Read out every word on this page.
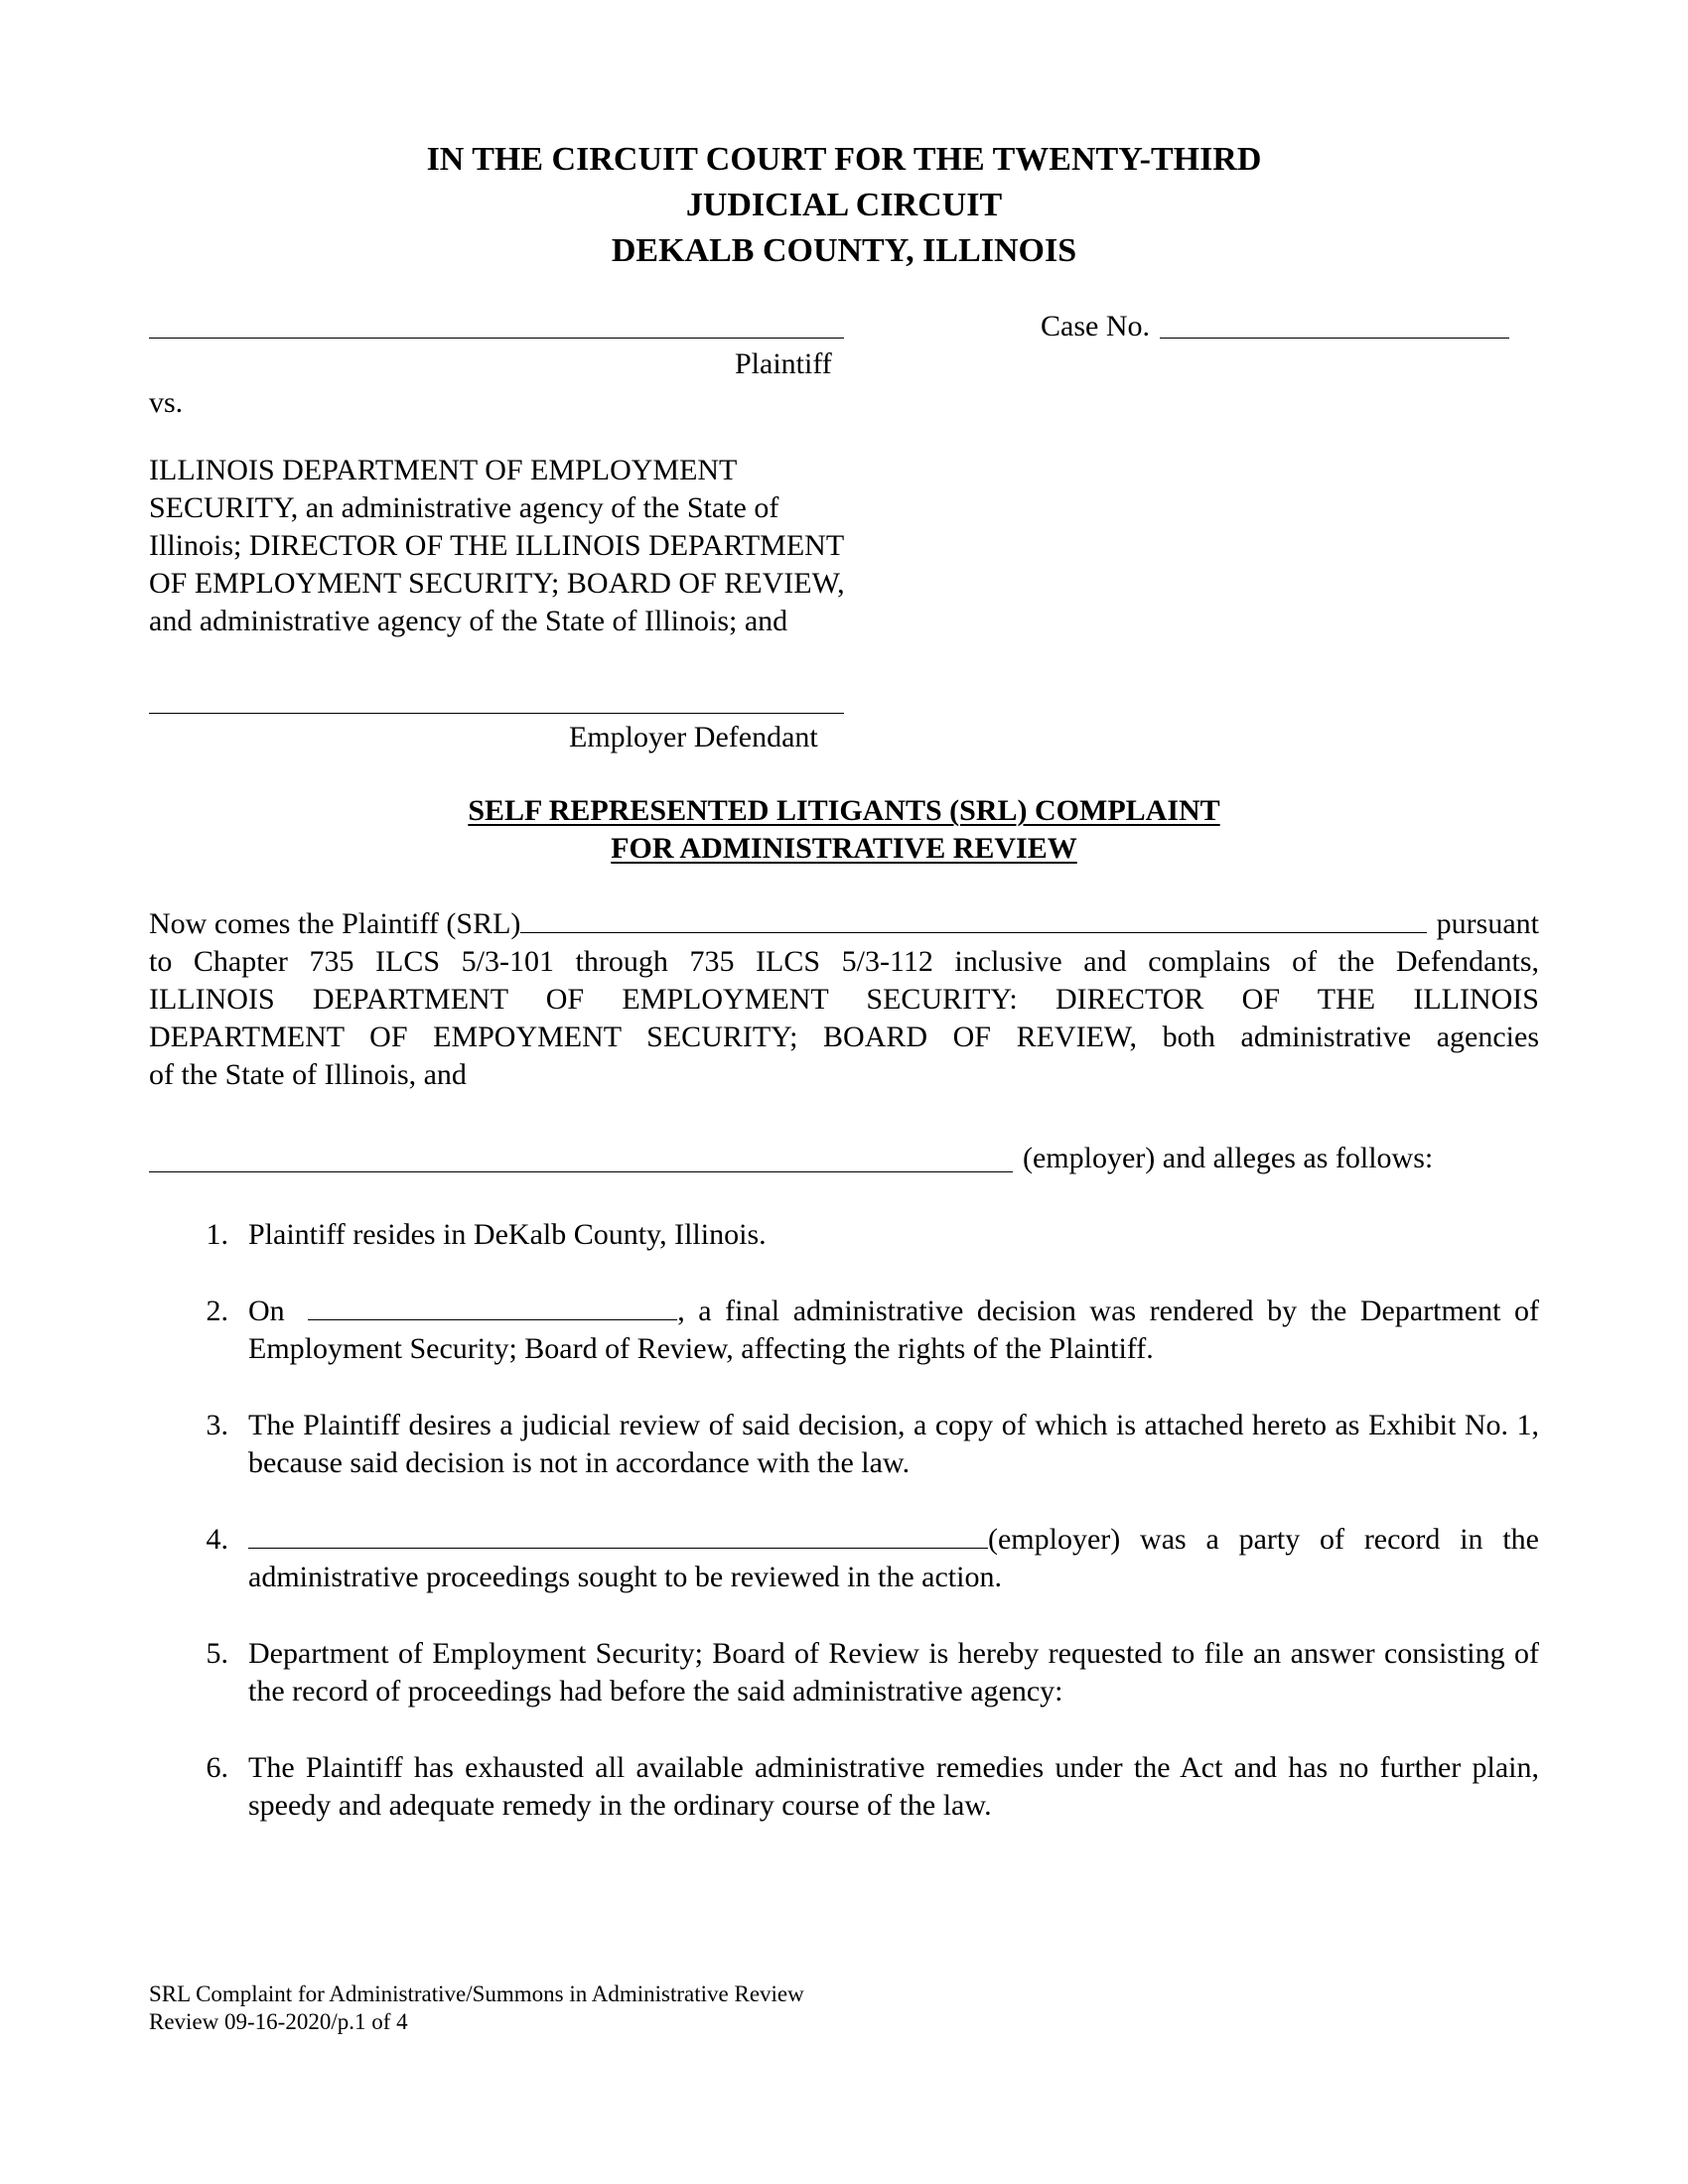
IN THE CIRCUIT COURT FOR THE TWENTY-THIRD
JUDICIAL CIRCUIT
DEKALB COUNTY, ILLINOIS
Case No.
Plaintiff
vs.
ILLINOIS DEPARTMENT OF EMPLOYMENT
SECURITY, an administrative agency of the State of
Illinois; DIRECTOR OF THE ILLINOIS DEPARTMENT
OF EMPLOYMENT SECURITY; BOARD OF REVIEW,
and administrative agency of the State of Illinois; and
Employer Defendant
SELF REPRESENTED LITIGANTS (SRL) COMPLAINT
FOR ADMINISTRATIVE REVIEW
Now comes the Plaintiff (SRL)	pursuant
to Chapter 735 ILCS 5/3-101 through 735 ILCS 5/3-112 inclusive and complains of the Defendants,
ILLINOIS DEPARTMENT OF EMPLOYMENT SECURITY: DIRECTOR OF THE ILLINOIS
DEPARTMENT OF EMPOYMENT SECURITY; BOARD OF REVIEW, both administrative agencies
of the State of Illinois, and
(employer) and alleges as follows:
1. Plaintiff resides in DeKalb County, Illinois.
2. On	, a final administrative decision was rendered by the Department of Employment Security; Board of Review, affecting the rights of the Plaintiff.
3. The Plaintiff desires a judicial review of said decision, a copy of which is attached hereto as Exhibit No. 1, because said decision is not in accordance with the law.
4.	(employer) was a party of record in the administrative proceedings sought to be reviewed in the action.
5. Department of Employment Security; Board of Review is hereby requested to file an answer consisting of the record of proceedings had before the said administrative agency:
6. The Plaintiff has exhausted all available administrative remedies under the Act and has no further plain, speedy and adequate remedy in the ordinary course of the law.
SRL Complaint for Administrative/Summons in Administrative Review
Review 09-16-2020/p.1 of 4
